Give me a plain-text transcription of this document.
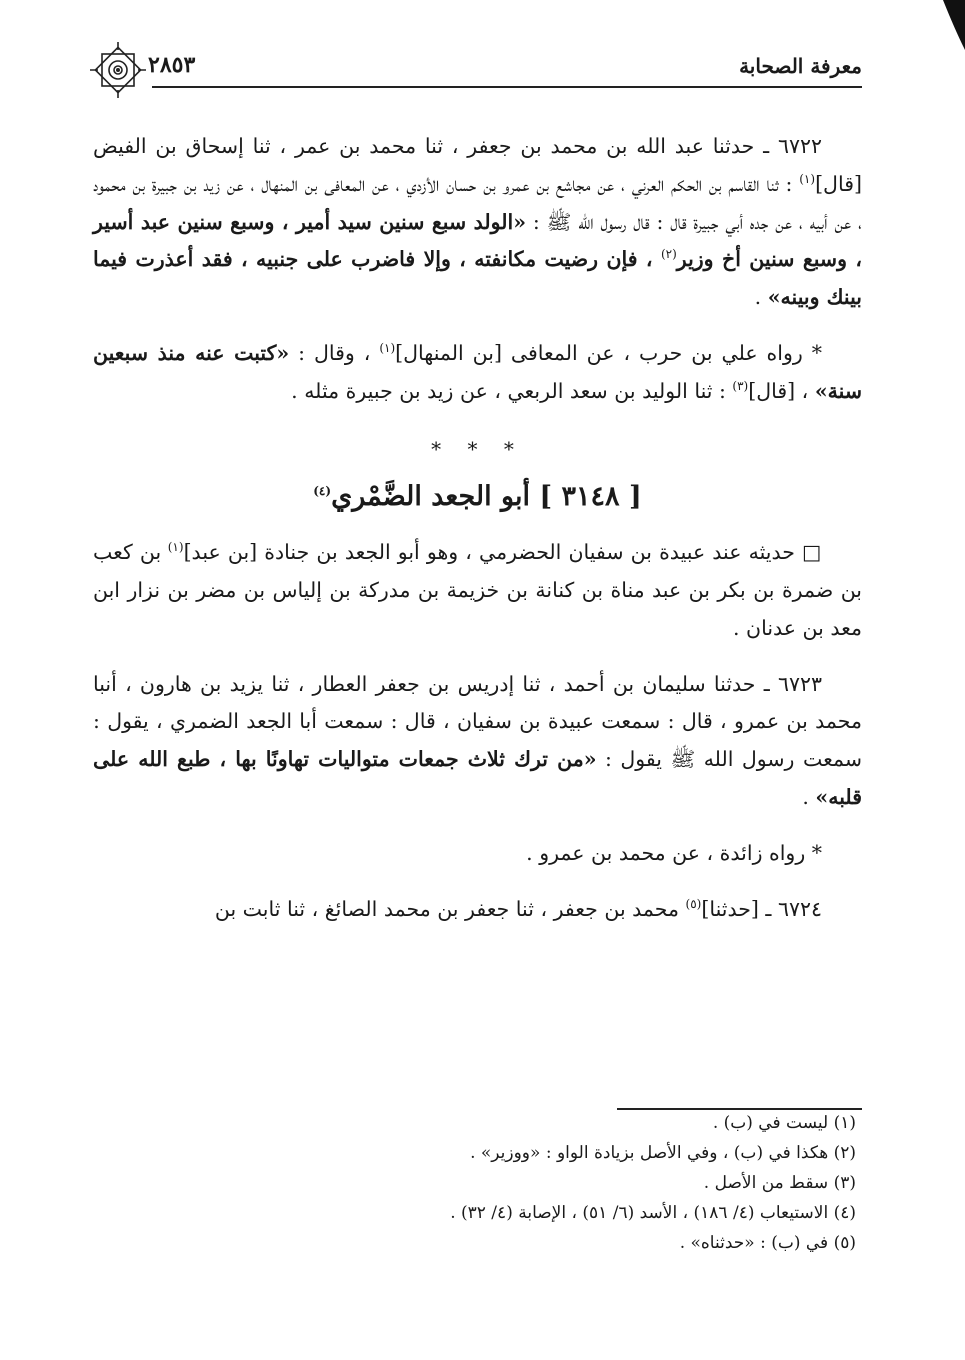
معرفة الصحابة
٢٨٥٣

٦٧٢٢ ـ حدثنا عبد الله بن محمد بن جعفر ، ثنا محمد بن عمر ، ثنا إسحاق بن الفيض [قال]$^{(١)}$ : ثنا القاسم بن الحكم العرني ، عن مجاشع بن عمرو بن حسان الأزدي ، عن المعافى بن المنهال ، عن زيد بن جبيرة بن محمود ، عن أبيه ، عن جده أبي جبيرة قال : قال رسول الله ﷺ : «الولد سبع سنين سيد أمير ، وسبع سنين عبد أسير ، وسبع سنين أخ وزير$^{(٢)}$ ، فإن رضيت مكانفته ، وإلا فاضرب على جنبيه ، فقد أعذرت فيما بينك وبينه» .

* رواه علي بن حرب ، عن المعافى [بن المنهال]$^{(١)}$ ، وقال : «كتبت عنه منذ سبعين سنة» ، [قال]$^{(٣)}$ : ثنا الوليد بن سعد الربعي ، عن زيد بن جبيرة مثله .

* * *
[ ٣١٤٨ ] أبو الجعد الضَّمْري$^{(٤)}$

□ حديثه عند عبيدة بن سفيان الحضرمي ، وهو أبو الجعد بن جنادة [بن عبد]$^{(١)}$ بن كعب بن ضمرة بن بكر بن عبد مناة بن كنانة بن خزيمة بن مدركة بن إلياس بن مضر بن نزار ابن معد بن عدنان .

٦٧٢٣ ـ حدثنا سليمان بن أحمد ، ثنا إدريس بن جعفر العطار ، ثنا يزيد بن هارون ، أنبا محمد بن عمرو ، قال : سمعت عبيدة بن سفيان ، قال : سمعت أبا الجعد الضمري ، يقول : سمعت رسول الله ﷺ يقول : «من ترك ثلاث جمعات متواليات تهاونًا بها ، طبع الله على قلبه» .

* رواه زائدة ، عن محمد بن عمرو .

٦٧٢٤ ـ [حدثنا]$^{(٥)}$ محمد بن جعفر ، ثنا جعفر بن محمد الصائغ ، ثنا ثابت بن

(١) ليست في (ب) .

(٢) هكذا في (ب) ، وفي الأصل بزيادة الواو : «ووزير» .

(٣) سقط من الأصل .

(٤) الاستيعاب (٤/ ١٨٦) ، الأسد (٦/ ٥١) ، الإصابة (٤/ ٣٢) .

(٥) في (ب) : «حدثناه» .
